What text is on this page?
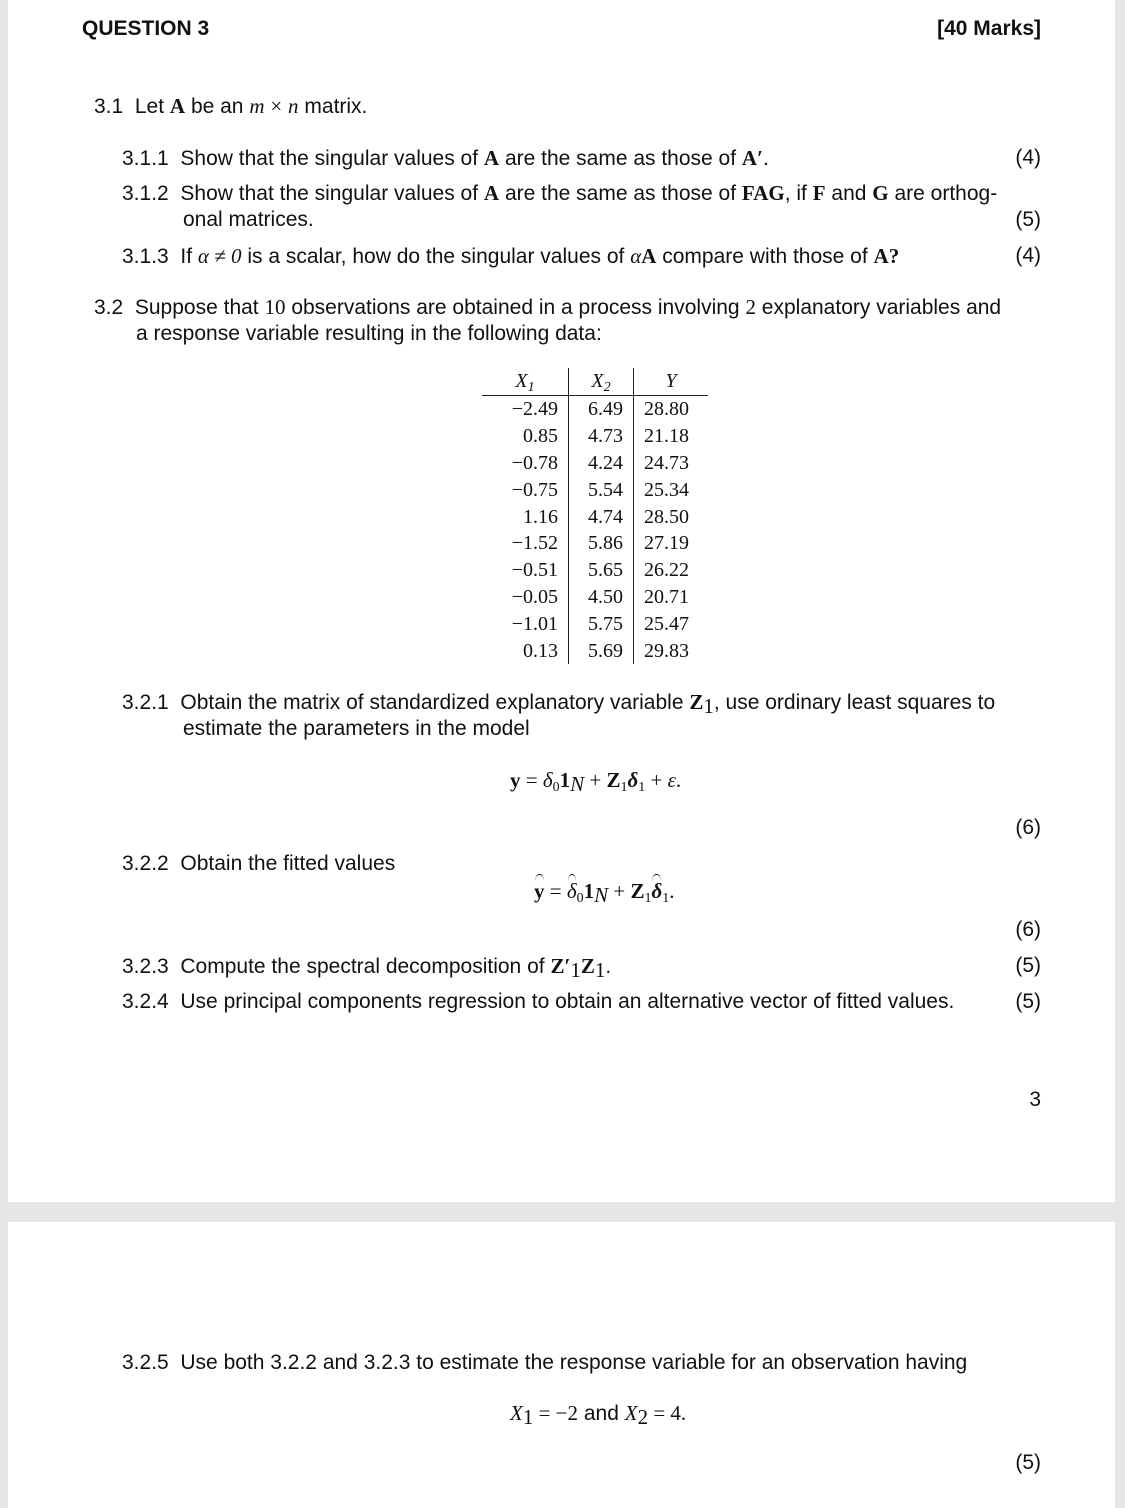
QUESTION 3	[40 Marks]
3.1 Let A be an m × n matrix.
3.1.1 Show that the singular values of A are the same as those of A′.	(4)
3.1.2 Show that the singular values of A are the same as those of FAG, if F and G are orthog-
onal matrices.	(5)
3.1.3 If α ≠ 0 is a scalar, how do the singular values of αA compare with those of A?	(4)
3.2 Suppose that 10 observations are obtained in a process involving 2 explanatory variables and
a response variable resulting in the following data:
$X_1$	$X_2$	Y
−2.49	6.49	28.80
0.85	4.73	21.18
−0.78	4.24	24.73
−0.75	5.54	25.34
1.16	4.74	28.50
−1.52	5.86	27.19
−0.51	5.65	26.22
−0.05	4.50	20.71
−1.01	5.75	25.47
0.13	5.69	29.83
3.2.1 Obtain the matrix of standardized explanatory variable $Z_1$, use ordinary least squares to
estimate the parameters in the model
$y = \delta_01_N + Z_1\delta_1 + \varepsilon$.
(6)
3.2.2 Obtain the fitted values
$y = \delta_01_N + Z_1\delta_1$.
(6)
3.2.3 Compute the spectral decomposition of $Z'_1Z_1$.	(5)
3.2.4 Use principal components regression to obtain an alternative vector of fitted values.	(5)
3
3.2.5 Use both 3.2.2 and 3.2.3 to estimate the response variable for an observation having
$X_1 = -2$ and $X_2 = 4$.
(5)
